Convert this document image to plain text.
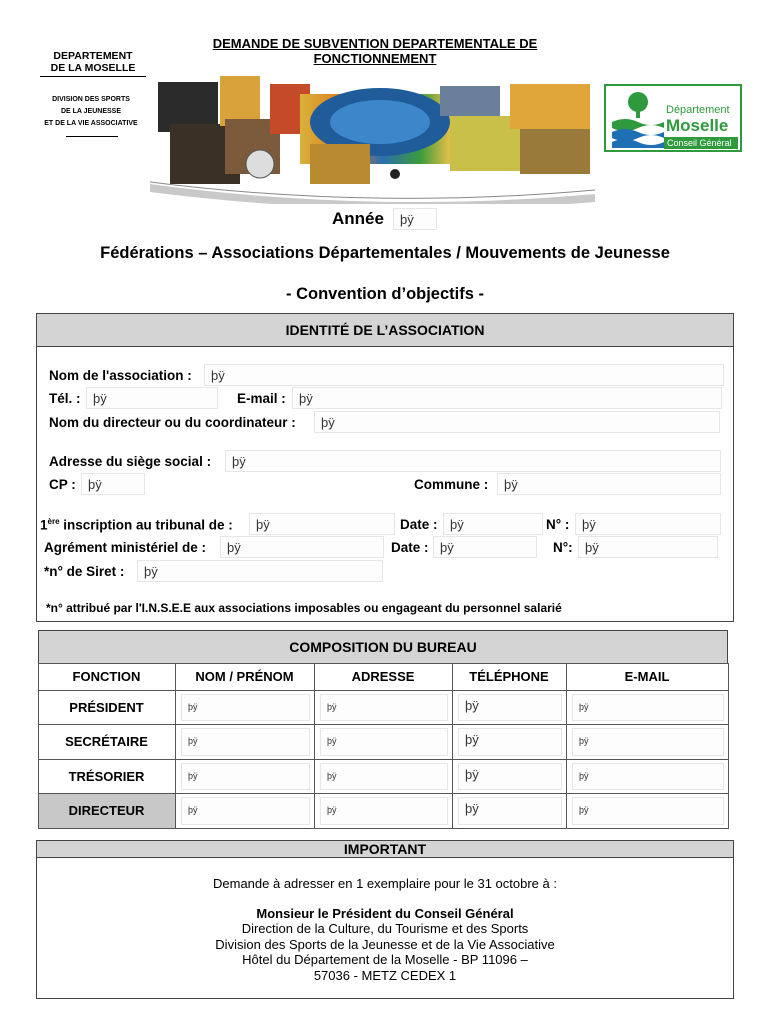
DEMANDE DE SUBVENTION DEPARTEMENTALE DE
FONCTIONNEMENT
DEPARTEMENT
DE LA MOSELLE
DIVISION DES SPORTS
DE LA JEUNESSE
ET DE LA VIE ASSOCIATIVE
Département
Moselle
Conseil Général
Année	þÿ
Fédérations – Associations Départementales / Mouvements de Jeunesse
- Convention d’objectifs -
IDENTITÉ DE L’ASSOCIATION
Nom de l'association :	þÿ
Tél. : þÿ	E-mail :	þÿ
Nom du directeur ou du coordinateur :	þÿ
Adresse du siège social :	þÿ
CP : þÿ	Commune :	þÿ
1ère inscription au tribunal de :	þÿ	Date : þÿ	N° : þÿ
Agrément ministériel de :	þÿ	Date : þÿ	N°: þÿ
*n° de Siret :	þÿ
*n° attribué par l'I.N.S.E.E aux associations imposables ou engageant du personnel salarié
COMPOSITION DU BUREAU
FONCTION	NOM / PRÉNOM	ADRESSE	TÉLÉPHONE	E-MAIL
PRÉSIDENT	þÿ	þÿ	þÿ	þÿ
SECRÉTAIRE	þÿ	þÿ	þÿ	þÿ
TRÉSORIER	þÿ	þÿ	þÿ	þÿ
DIRECTEUR	þÿ	þÿ	þÿ	þÿ
IMPORTANT
Demande à adresser en 1 exemplaire pour le 31 octobre à :
Monsieur le Président du Conseil Général
Direction de la Culture, du Tourisme et des Sports
Division des Sports de la Jeunesse et de la Vie Associative
Hôtel du Département de la Moselle - BP 11096 –
57036 - METZ CEDEX 1
